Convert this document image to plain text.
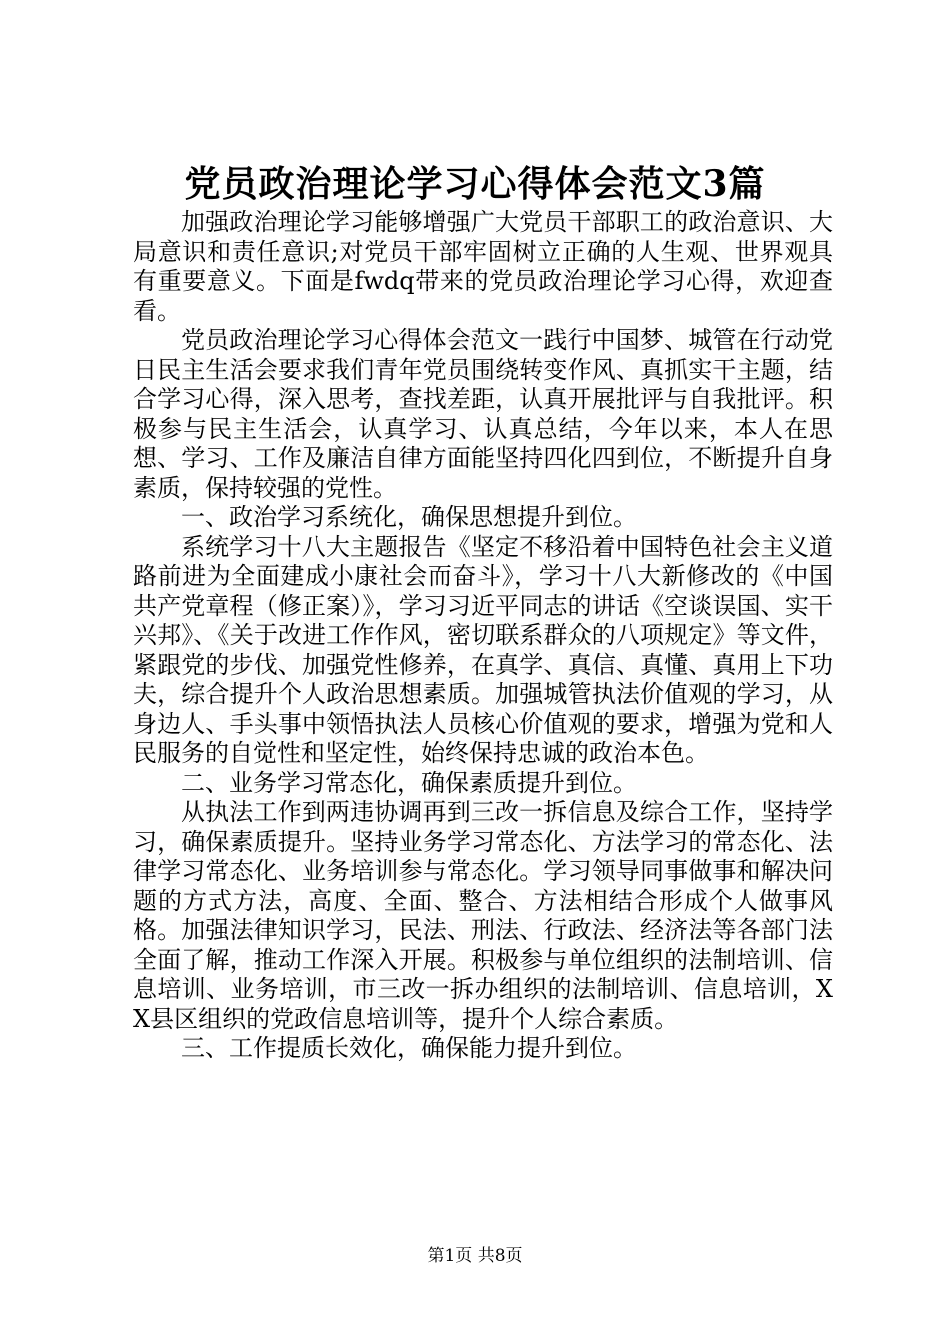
党员政治理论学习心得体会范文3篇

加强政治理论学习能够增强广大党员干部职工的政治意识、大局意识和责任意识;对党员干部牢固树立正确的人生观、世界观具有重要意义。下面是fwdq带来的党员政治理论学习心得，欢迎查看。

党员政治理论学习心得体会范文一践行中国梦、城管在行动党日民主生活会要求我们青年党员围绕转变作风、真抓实干主题，结合学习心得，深入思考，查找差距，认真开展批评与自我批评。积极参与民主生活会，认真学习、认真总结，今年以来，本人在思想、学习、工作及廉洁自律方面能坚持四化四到位，不断提升自身素质，保持较强的党性。

一、政治学习系统化，确保思想提升到位。

系统学习十八大主题报告《坚定不移沿着中国特色社会主义道路前进为全面建成小康社会而奋斗》，学习十八大新修改的《中国共产党章程（修正案）》，学习习近平同志的讲话《空谈误国、实干兴邦》、《关于改进工作作风，密切联系群众的八项规定》等文件，紧跟党的步伐、加强党性修养，在真学、真信、真懂、真用上下功夫，综合提升个人政治思想素质。加强城管执法价值观的学习，从身边人、手头事中领悟执法人员核心价值观的要求，增强为党和人民服务的自觉性和坚定性，始终保持忠诚的政治本色。

二、业务学习常态化，确保素质提升到位。

从执法工作到两违协调再到三改一拆信息及综合工作，坚持学习，确保素质提升。坚持业务学习常态化、方法学习的常态化、法律学习常态化、业务培训参与常态化。学习领导同事做事和解决问题的方式方法，高度、全面、整合、方法相结合形成个人做事风格。加强法律知识学习，民法、刑法、行政法、经济法等各部门法全面了解，推动工作深入开展。积极参与单位组织的法制培训、信息培训、业务培训，市三改一拆办组织的法制培训、信息培训，XX县区组织的党政信息培训等，提升个人综合素质。

三、工作提质长效化，确保能力提升到位。

第1页 共8页
